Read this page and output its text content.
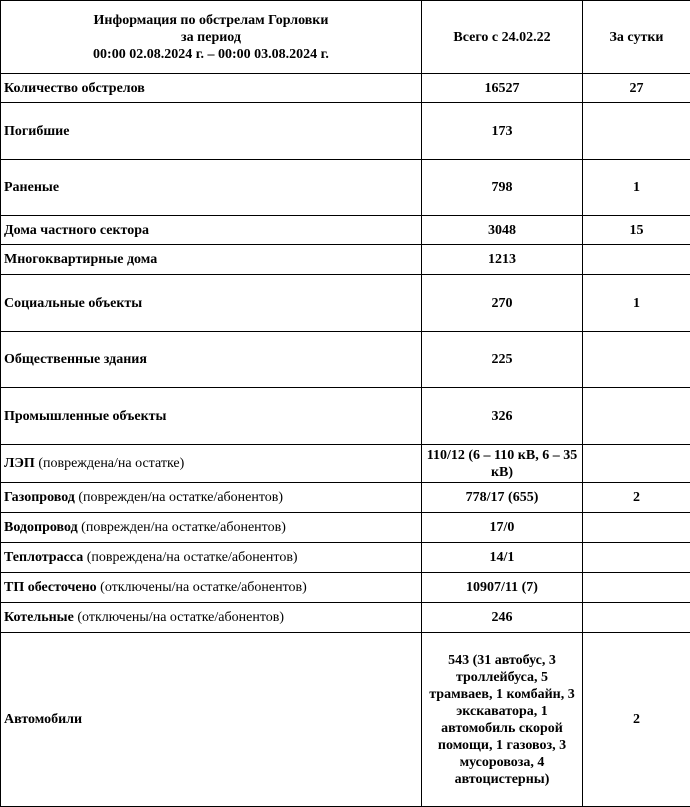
Информация по обстрелам Горловки
за период
00:00 02.08.2024 г. – 00:00 03.08.2024 г.	Всего с 24.02.22	За сутки
Количество обстрелов	16527	27
Погибшие	173	
Раненые	798	1
Дома частного сектора	3048	15
Многоквартирные дома	1213	
Социальные объекты	270	1
Общественные здания	225	
Промышленные объекты	326	
ЛЭП (повреждена/на остатке)	110/12 (6 – 110 кВ, 6 – 35 кВ)	
Газопровод (поврежден/на остатке/абонентов)	778/17 (655)	2
Водопровод (поврежден/на остатке/абонентов)	17/0	
Теплотрасса (повреждена/на остатке/абонентов)	14/1	
ТП обесточено (отключены/на остатке/абонентов)	10907/11 (7)	
Котельные (отключены/на остатке/абонентов)	246	
Автомобили	543 (31 автобус, 3 троллейбуса, 5 трамваев, 1 комбайн, 3 экскаватора, 1 автомобиль скорой помощи, 1 газовоз, 3 мусоровоза, 4 автоцистерны)	2
